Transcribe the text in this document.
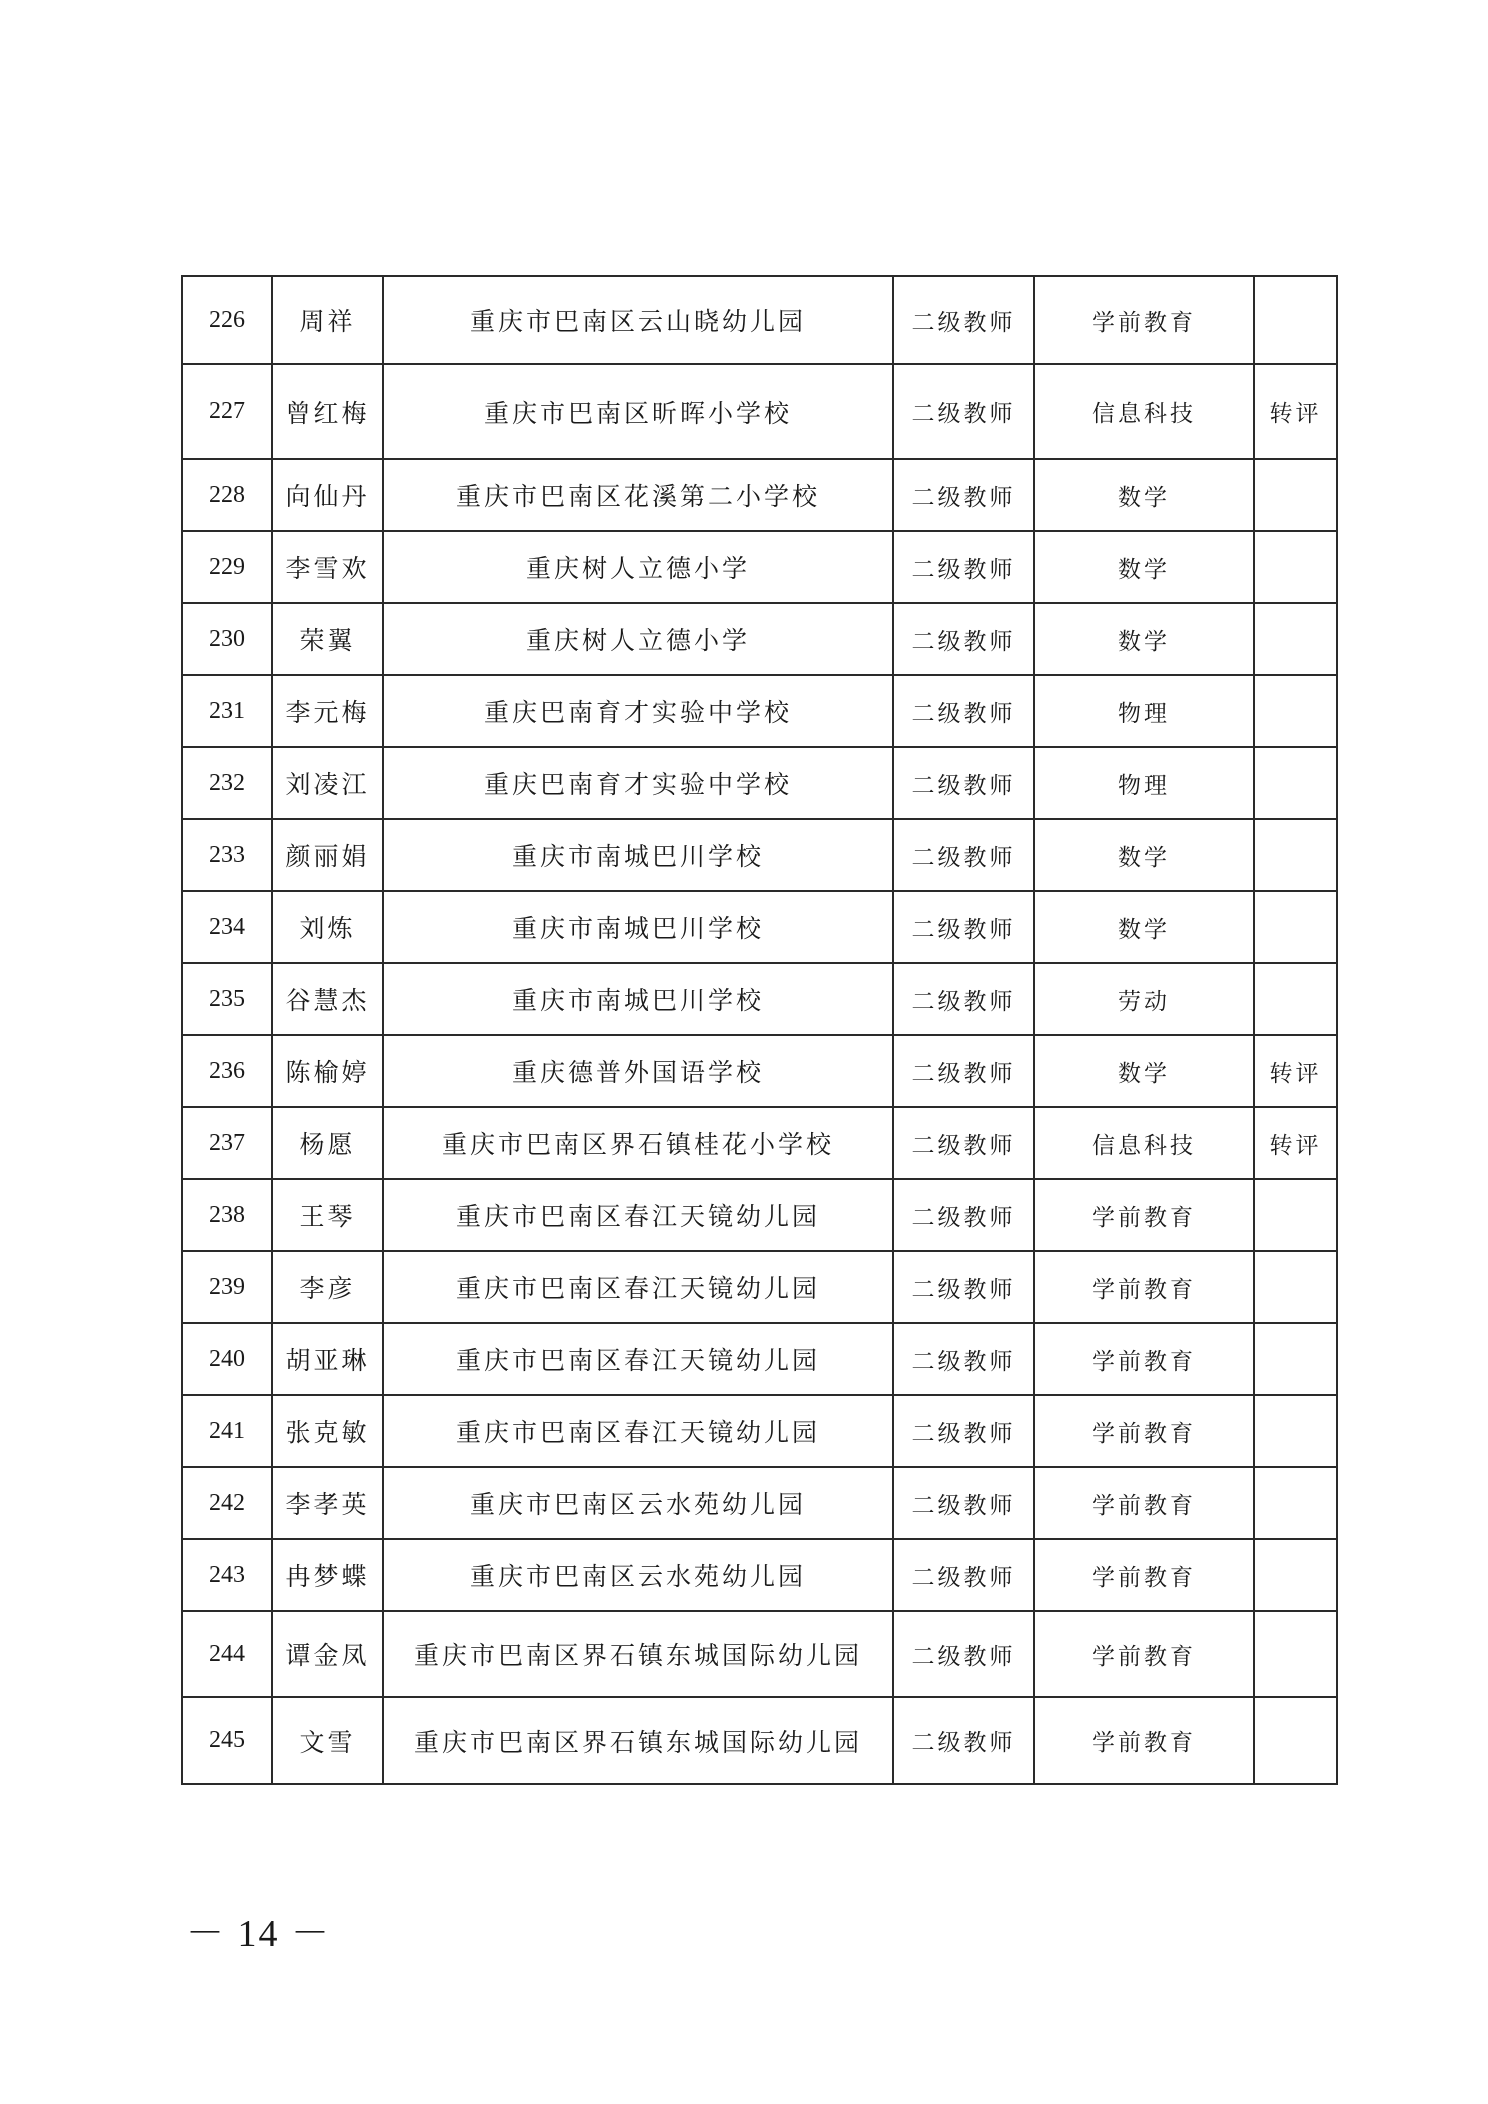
226	周祥	重庆市巴南区云山晓幼儿园	二级教师	学前教育	
227	曾红梅	重庆市巴南区昕晖小学校	二级教师	信息科技	转评
228	向仙丹	重庆市巴南区花溪第二小学校	二级教师	数学	
229	李雪欢	重庆树人立德小学	二级教师	数学	
230	荣翼	重庆树人立德小学	二级教师	数学	
231	李元梅	重庆巴南育才实验中学校	二级教师	物理	
232	刘凌江	重庆巴南育才实验中学校	二级教师	物理	
233	颜丽娟	重庆市南城巴川学校	二级教师	数学	
234	刘炼	重庆市南城巴川学校	二级教师	数学	
235	谷慧杰	重庆市南城巴川学校	二级教师	劳动	
236	陈榆婷	重庆德普外国语学校	二级教师	数学	转评
237	杨愿	重庆市巴南区界石镇桂花小学校	二级教师	信息科技	转评
238	王琴	重庆市巴南区春江天镜幼儿园	二级教师	学前教育	
239	李彦	重庆市巴南区春江天镜幼儿园	二级教师	学前教育	
240	胡亚琳	重庆市巴南区春江天镜幼儿园	二级教师	学前教育	
241	张克敏	重庆市巴南区春江天镜幼儿园	二级教师	学前教育	
242	李孝英	重庆市巴南区云水苑幼儿园	二级教师	学前教育	
243	冉梦蝶	重庆市巴南区云水苑幼儿园	二级教师	学前教育	
244	谭金凤	重庆市巴南区界石镇东城国际幼儿园	二级教师	学前教育	
245	文雪	重庆市巴南区界石镇东城国际幼儿园	二级教师	学前教育	
－ 14 －
